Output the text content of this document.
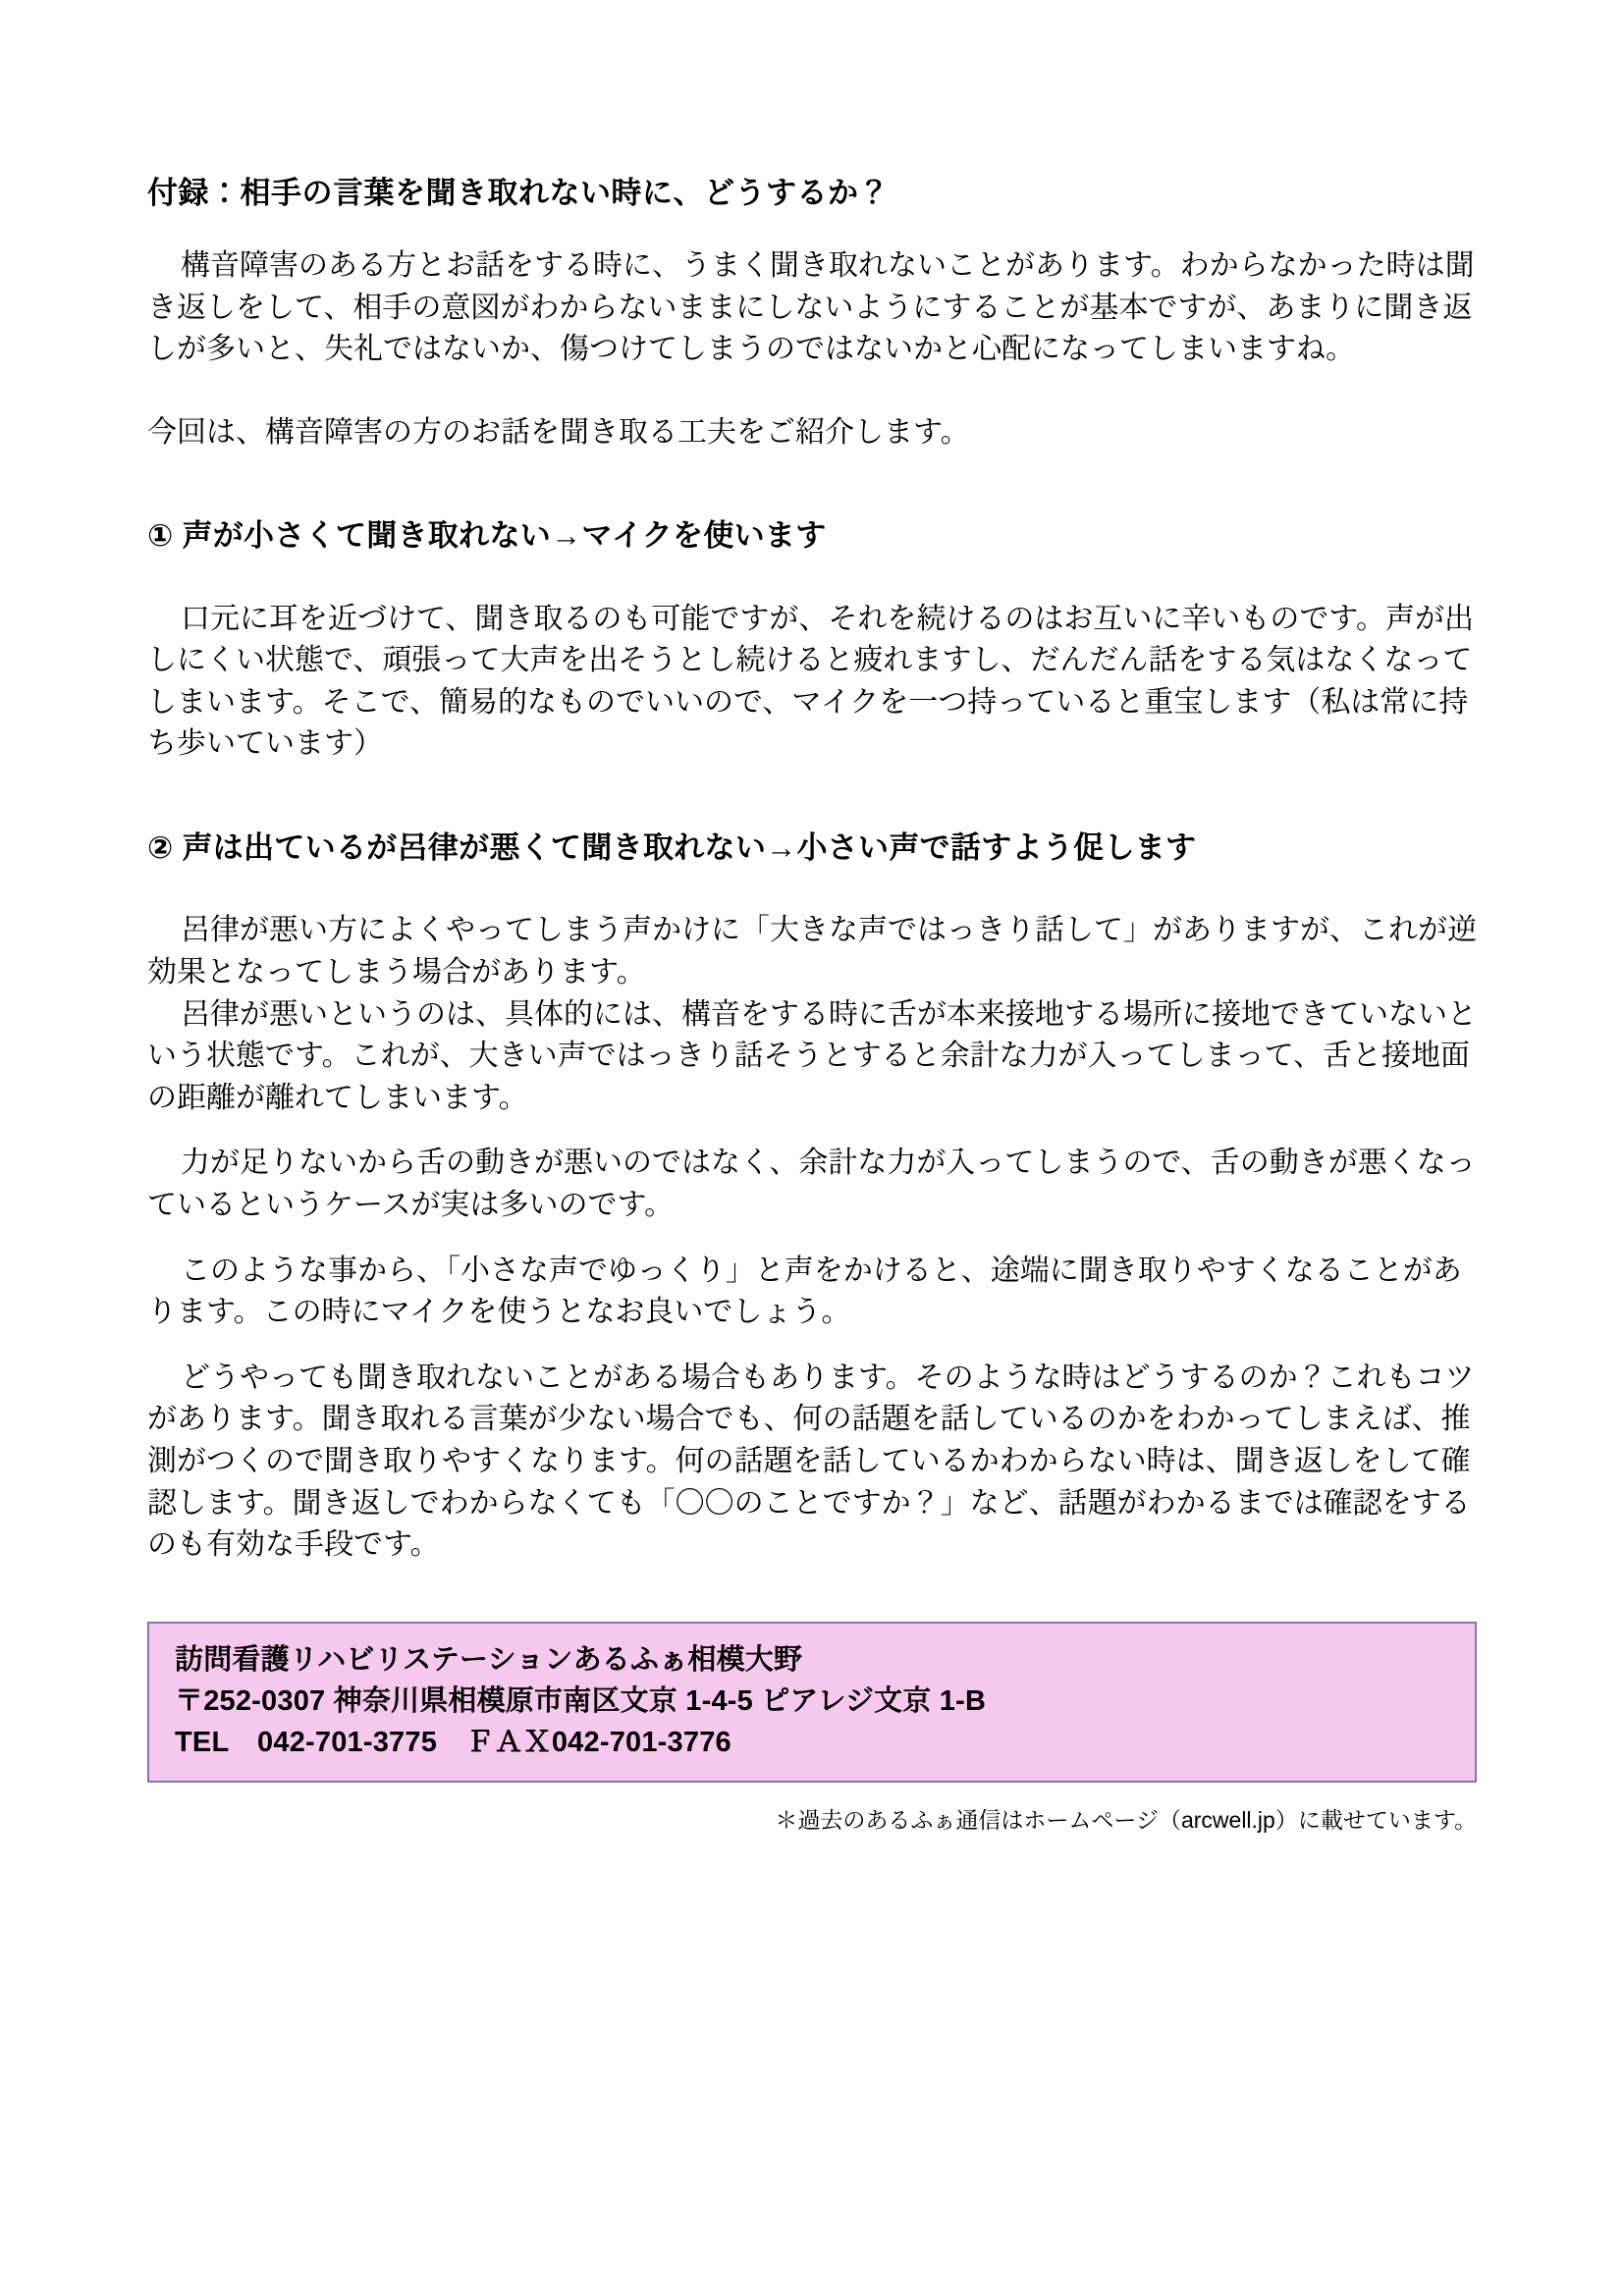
付録：相手の言葉を聞き取れない時に、どうするか？

構音障害のある方とお話をする時に、うまく聞き取れないことがあります。わからなかった時は聞き返しをして、相手の意図がわからないままにしないようにすることが基本ですが、あまりに聞き返しが多いと、失礼ではないか、傷つけてしまうのではないかと心配になってしまいますね。

今回は、構音障害の方のお話を聞き取る工夫をご紹介します。

① 声が小さくて聞き取れない→マイクを使います

口元に耳を近づけて、聞き取るのも可能ですが、それを続けるのはお互いに辛いものです。声が出しにくい状態で、頑張って大声を出そうとし続けると疲れますし、だんだん話をする気はなくなってしまいます。そこで、簡易的なものでいいので、マイクを一つ持っていると重宝します（私は常に持ち歩いています）

② 声は出ているが呂律が悪くて聞き取れない→小さい声で話すよう促します

呂律が悪い方によくやってしまう声かけに「大きな声ではっきり話して」がありますが、これが逆効果となってしまう場合があります。

呂律が悪いというのは、具体的には、構音をする時に舌が本来接地する場所に接地できていないという状態です。これが、大きい声ではっきり話そうとすると余計な力が入ってしまって、舌と接地面の距離が離れてしまいます。

力が足りないから舌の動きが悪いのではなく、余計な力が入ってしまうので、舌の動きが悪くなっているというケースが実は多いのです。

このような事から、「小さな声でゆっくり」と声をかけると、途端に聞き取りやすくなることがあります。この時にマイクを使うとなお良いでしょう。

どうやっても聞き取れないことがある場合もあります。そのような時はどうするのか？これもコツがあります。聞き取れる言葉が少ない場合でも、何の話題を話しているのかをわかってしまえば、推測がつくので聞き取りやすくなります。何の話題を話しているかわからない時は、聞き返しをして確認します。聞き返しでわからなくても「〇〇のことですか？」など、話題がわかるまでは確認をするのも有効な手段です。

訪問看護リハビリステーションあるふぁ相模大野
〒252-0307 神奈川県相模原市南区文京 1-4-5 ピアレジ文京 1-B
TEL　042-701-3775　ＦＡＸ042-701-3776
＊過去のあるふぁ通信はホームページ（arcwell.jp）に載せています。
